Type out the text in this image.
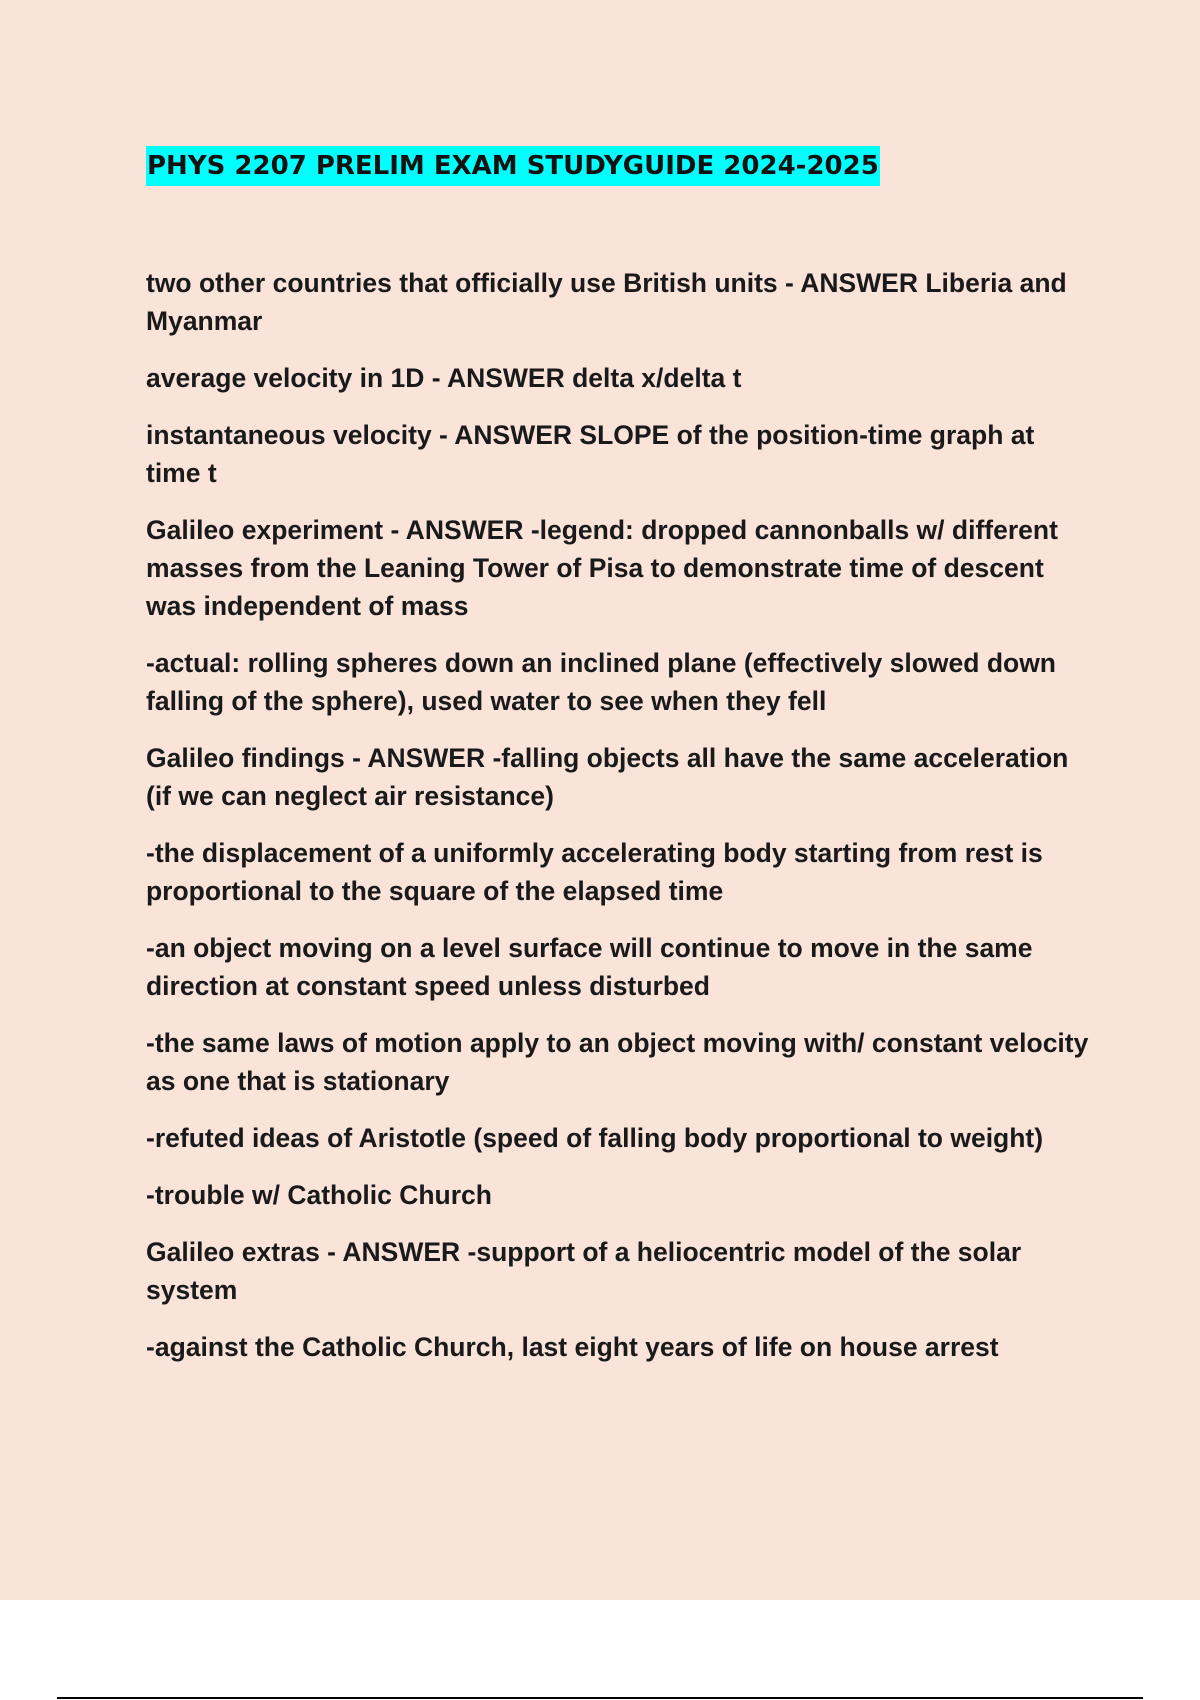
PHYS 2207 PRELIM EXAM STUDYGUIDE 2024-2025

two other countries that officially use British units - ANSWER Liberia and Myanmar

average velocity in 1D - ANSWER delta x/delta t

instantaneous velocity - ANSWER SLOPE of the position-time graph at time t

Galileo experiment - ANSWER -legend: dropped cannonballs w/ different masses from the Leaning Tower of Pisa to demonstrate time of descent was independent of mass

-actual: rolling spheres down an inclined plane (effectively slowed down falling of the sphere), used water to see when they fell

Galileo findings - ANSWER -falling objects all have the same acceleration (if we can neglect air resistance)

-the displacement of a uniformly accelerating body starting from rest is proportional to the square of the elapsed time

-an object moving on a level surface will continue to move in the same direction at constant speed unless disturbed

-the same laws of motion apply to an object moving with/ constant velocity as one that is stationary

-refuted ideas of Aristotle (speed of falling body proportional to weight)

-trouble w/ Catholic Church

Galileo extras - ANSWER -support of a heliocentric model of the solar system

-against the Catholic Church, last eight years of life on house arrest
